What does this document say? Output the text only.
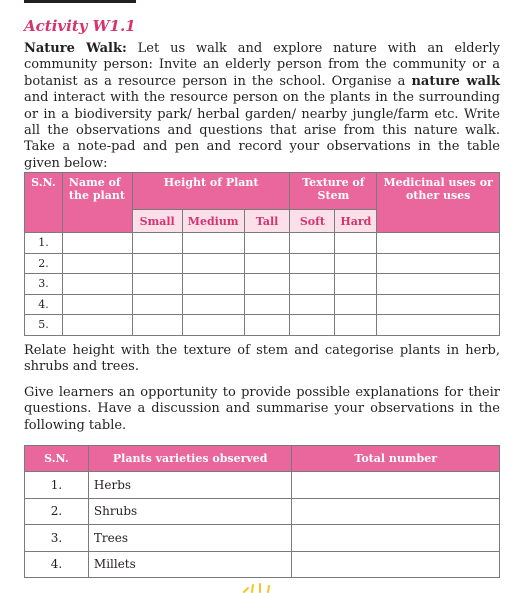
Activity W1.1

Nature Walk: Let us walk and explore nature with an elderly community person: Invite an elderly person from the community or a botanist as a resource person in the school. Organise a nature walk and interact with the resource person on the plants in the surrounding or in a biodiversity park/ herbal garden/ nearby jungle/farm etc. Write all the observations and questions that arise from this nature walk. Take a note-pad and pen and record your observations in the table given below:

S.N.	Name of the plant	Height of Plant			Texture of Stem		Medicinal uses or other uses
		Small	Medium	Tall	Soft	Hard	
1.							
2.							
3.							
4.							
5.							

Relate height with the texture of stem and categorise plants in herb, shrubs and trees.

Give learners an opportunity to provide possible explanations for their questions. Have a discussion and summarise your observations in the following table.

S.N.	Plants varieties observed	Total number
1.	Herbs	
2.	Shrubs	
3.	Trees	
4.	Millets	
